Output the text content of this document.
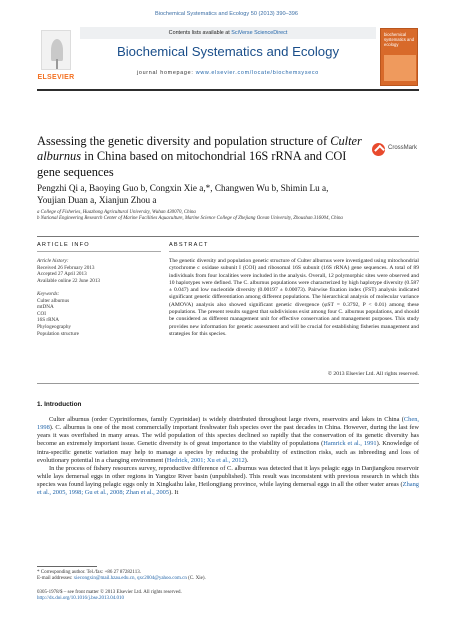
Biochemical Systematics and Ecology 50 (2013) 390–396
ELSEVIER
Contents lists available at SciVerse ScienceDirect
Biochemical Systematics and Ecology
journal homepage: www.elsevier.com/locate/biochemsyseco
biochemical systematics and ecology
Assessing the genetic diversity and population structure of Culter alburnus in China based on mitochondrial 16S rRNA and COI gene sequences
CrossMark
Pengzhi Qi a, Baoying Guo b, Congxin Xie a,*, Changwen Wu b, Shimin Lu a,
Youjian Duan a, Xianjun Zhou a
a College of Fisheries, Huazhong Agricultural University, Wuhan 430070, China
b National Engineering Research Center of Marine Facilities Aquaculture, Marine Science College of Zhejiang Ocean University, Zhoushan 316004, China
ARTICLE INFO	ABSTRACT
Article history:
Received 26 February 2013
Accepted 27 April 2013
Available online 22 June 2013
Keywords:
Culter alburnus
mtDNA
COI
16S rRNA
Phylogeography
Population structure
The genetic diversity and population genetic structure of Culter alburnus were investigated using mitochondrial cytochrome c oxidase subunit I (COI) and ribosomal 16S subunit (16S rRNA) gene sequences. A total of 89 individuals from four localities were included in the analysis. Overall, 12 polymorphic sites were observed and 10 haplotypes were defined. The C. alburnus populations were characterized by high haplotype diversity (0.587 ± 0.047) and low nucleotide diversity (0.00197 ± 0.00073). Pairwise fixation index (FST) analysis indicated significant genetic differentiation among different populations. The hierarchical analysis of molecular variance (AMOVA) analysis also showed significant genetic divergence (φST = 0.3792, P < 0.01) among these populations. The present results suggest that subdivisions exist among four C. alburnus populations, and should be considered as different management unit for effective conservation and management purposes. This study provides new information for genetic assessment and will be crucial for establishing fisheries management and strategies for this species.
© 2013 Elsevier Ltd. All rights reserved.
1. Introduction

Culter alburnus (order Cypriniformes, family Cyprinidae) is widely distributed throughout large rivers, reservoirs and lakes in China (Chen, 1998). C. alburnus is one of the most commercially important freshwater fish species over the past decades in China. However, during the last few years it was overfished in many areas. The wild population of this species declined so rapidly that the conservation of its genetic diversity has become an extremely important issue. Genetic diversity is of great importance to the viability of populations (Hamrick et al., 1991). Knowledge of intra-specific genetic variation may help to manage a species by reducing the probability of extinction risks, such as inbreeding and loss of evolutionary potential in a changing environment (Hedrick, 2001; Xu et al., 2012).

In the process of fishery resources survey, reproductive difference of C. alburnus was detected that it lays pelagic eggs in Danjiangkou reservoir while lays demersal eggs in other regions in Yangtze River basin (unpublished). This result was inconsistent with previous research in which this species was found laying pelagic eggs only in Xingkaihu lake, Heilongjiang province, while laying demersal eggs in all the other water areas (Zhang et al., 2005, 1998; Gu et al., 2008; Zhan et al., 2005). It

* Corresponding author. Tel./fax: +86 27 87282113.
E-mail addresses: xiecongxin@mail.hzau.edu.cn, qxc2004@yahoo.com.cn (C. Xie).
0305-1978/$ – see front matter © 2013 Elsevier Ltd. All rights reserved.
http://dx.doi.org/10.1016/j.bse.2013.04.010
